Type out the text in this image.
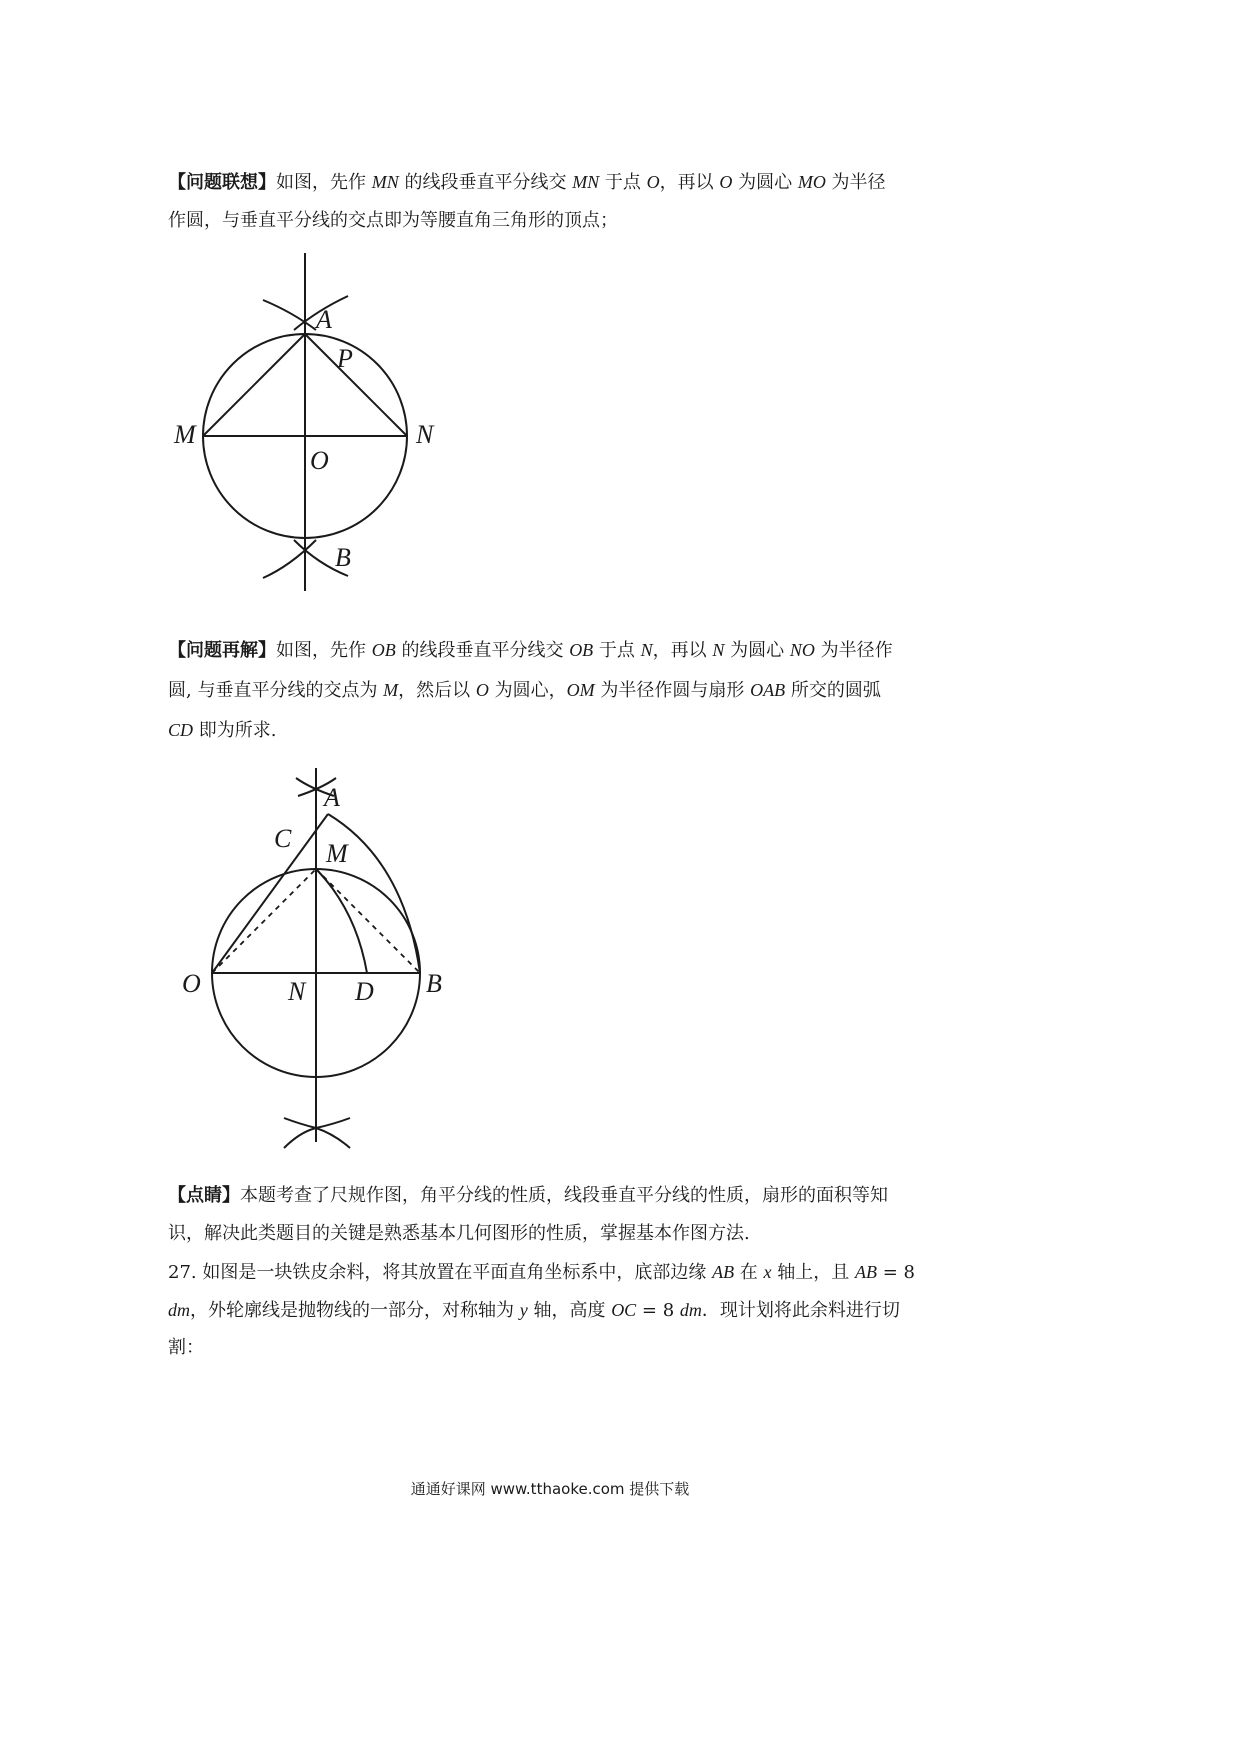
【问题联想】如图，先作 MN 的线段垂直平分线交 MN 于点 O，再以 O 为圆心 MO 为半径

作圆，与垂直平分线的交点即为等腰直角三角形的顶点；

A
P
M	N
O
B

【问题再解】如图，先作 OB 的线段垂直平分线交 OB 于点 N，再以 N 为圆心 NO 为半径作

圆, 与垂直平分线的交点为 M，然后以 O 为圆心，OM 为半径作圆与扇形 OAB 所交的圆弧

CD 即为所求.

A
C
M
O	N D B

【点睛】本题考查了尺规作图，角平分线的性质，线段垂直平分线的性质，扇形的面积等知

识，解决此类题目的关键是熟悉基本几何图形的性质，掌握基本作图方法.

27. 如图是一块铁皮余料，将其放置在平面直角坐标系中，底部边缘 AB 在 x 轴上，且 AB = 8

dm，外轮廓线是抛物线的一部分，对称轴为 y 轴，高度 OC = 8 dm．现计划将此余料进行切

割：

通通好课网 www.tthaoke.com 提供下载
